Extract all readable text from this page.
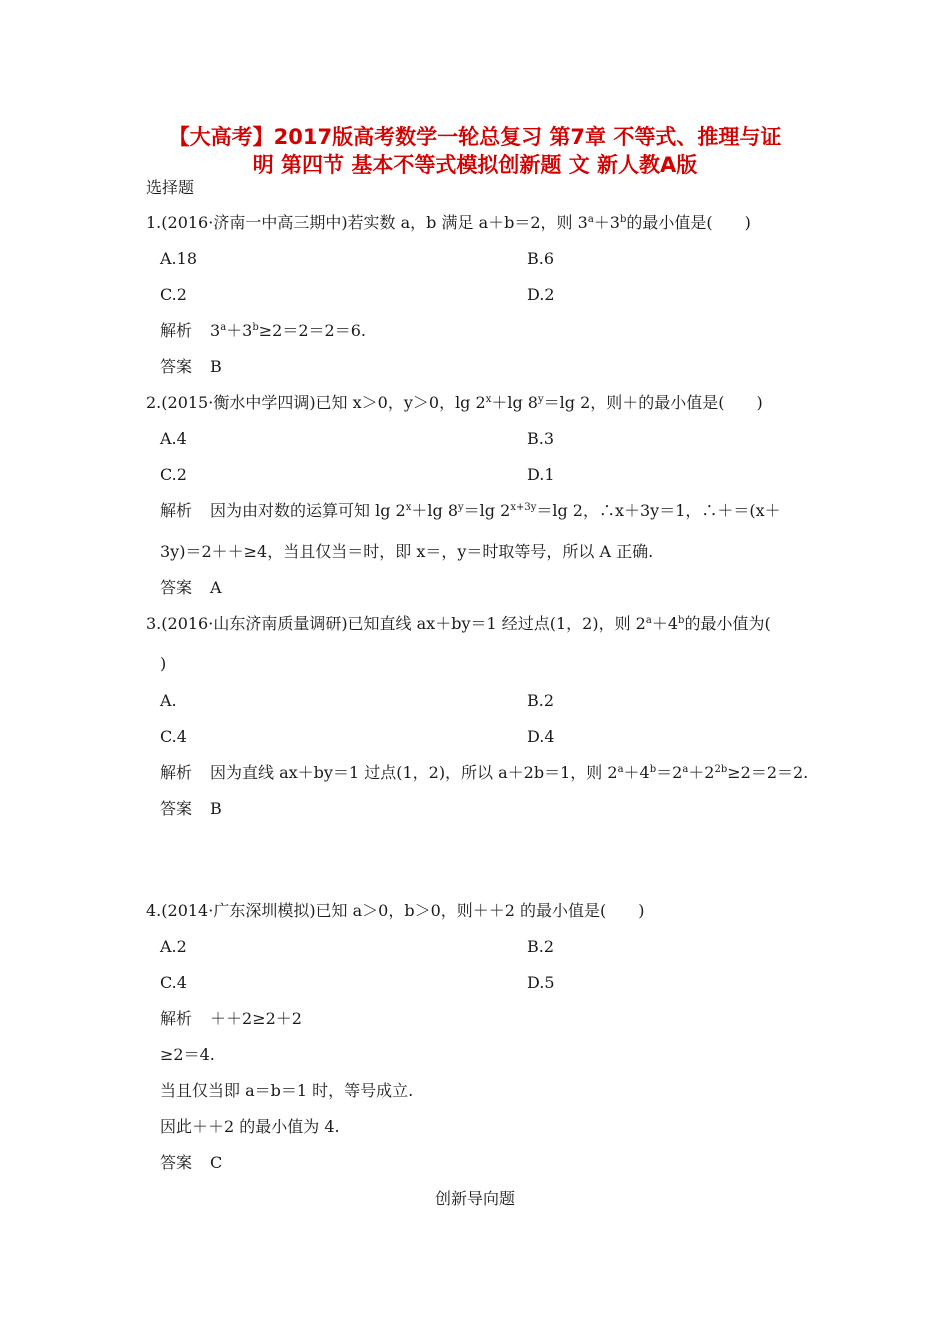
【大高考】2017版高考数学一轮总复习 第7章 不等式、推理与证
明 第四节 基本不等式模拟创新题 文 新人教A版
选择题
1.(2016·济南一中高三期中)若实数 a，b 满足 a＋b＝2，则 $3^a+3^b$的最小值是(　　)
A.18	B.6
C.2	D.2
解析 $3^a+3^b\ge 2=2=2=6$.
答案 B
2.(2015·衡水中学四调)已知 x＞0，y＞0，$\lg 2^x+\lg$ $8^y=\lg$ 2，则＋的最小值是(　　)
A.4	B.3
C.2	D.1
解析 因为由对数的运算可知 $\lg 2^x+\lg$ $8^y=\lg$ $2^{x+3y}=\lg$ 2，∴x＋3y＝1，∴＋＝(x＋
3y)＝2＋＋≥4，当且仅当＝时，即 x＝，y＝时取等号，所以 A 正确.
答案 A
3.(2016·山东济南质量调研)已知直线 ax＋by＝1 经过点(1，2)，则 $2^a+4^b$的最小值为(
)
A.	B.2
C.4	D.4
解析 因为直线 ax＋by＝1 过点(1，2)，所以 a＋2b＝1，则 $2^a+4^b=2^a+2^{2b}\ge 2=2=2$.
答案 B
4.(2014·广东深圳模拟)已知 a＞0，b＞0，则＋＋2 的最小值是(　　)
A.2	B.2
C.4	D.5
解析 ＋＋2≥2＋2
≥2＝4.
当且仅当即 a＝b＝1 时，等号成立.
因此＋＋2 的最小值为 4.
答案 C
创新导向题
